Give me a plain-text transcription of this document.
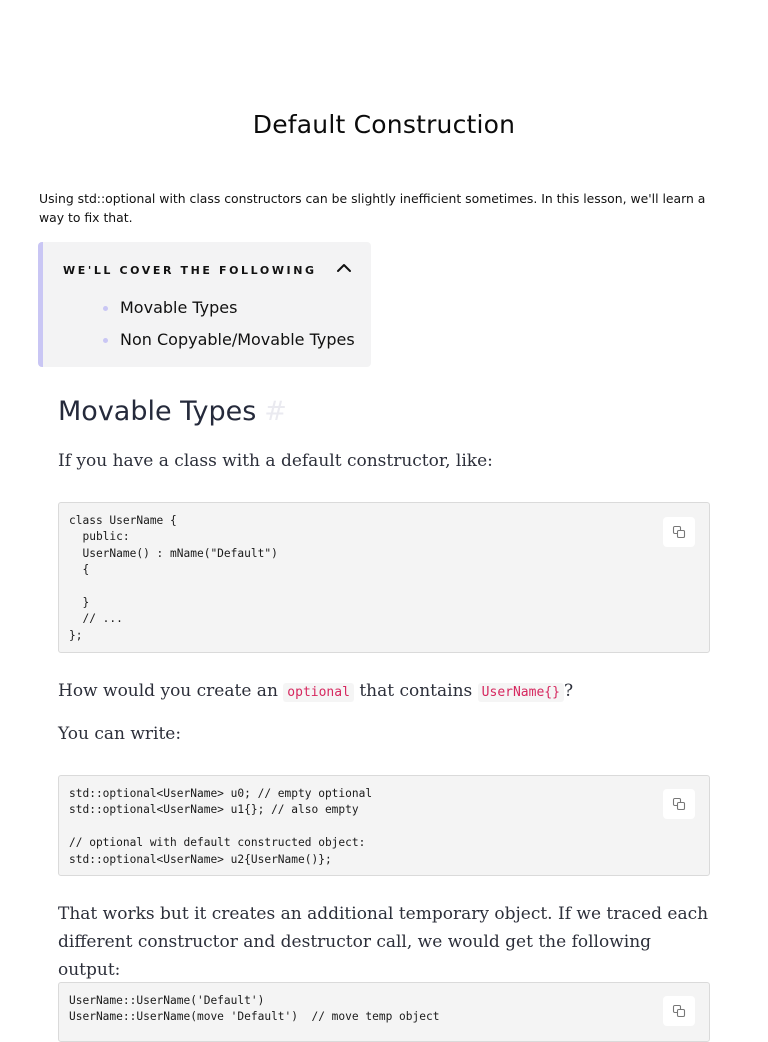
Default Construction
Using std::optional with class constructors can be slightly inefficient sometimes. In this lesson, we'll learn a way to fix that.
WE'LL COVER THE FOLLOWING
Movable Types
Non Copyable/Movable Types
Movable Types #
If you have a class with a default constructor, like:
class UserName {
public:
UserName() : mName("Default")
{

}
// ...
};
How would you create an optional that contains UserName{} ?
You can write:
std::optional<UserName> u0; // empty optional
std::optional<UserName> u1{}; // also empty

// optional with default constructed object:
std::optional<UserName> u2{UserName()};
That works but it creates an additional temporary object. If we traced each different constructor and destructor call, we would get the following output:
UserName::UserName('Default')
UserName::UserName(move 'Default')  // move temp object
